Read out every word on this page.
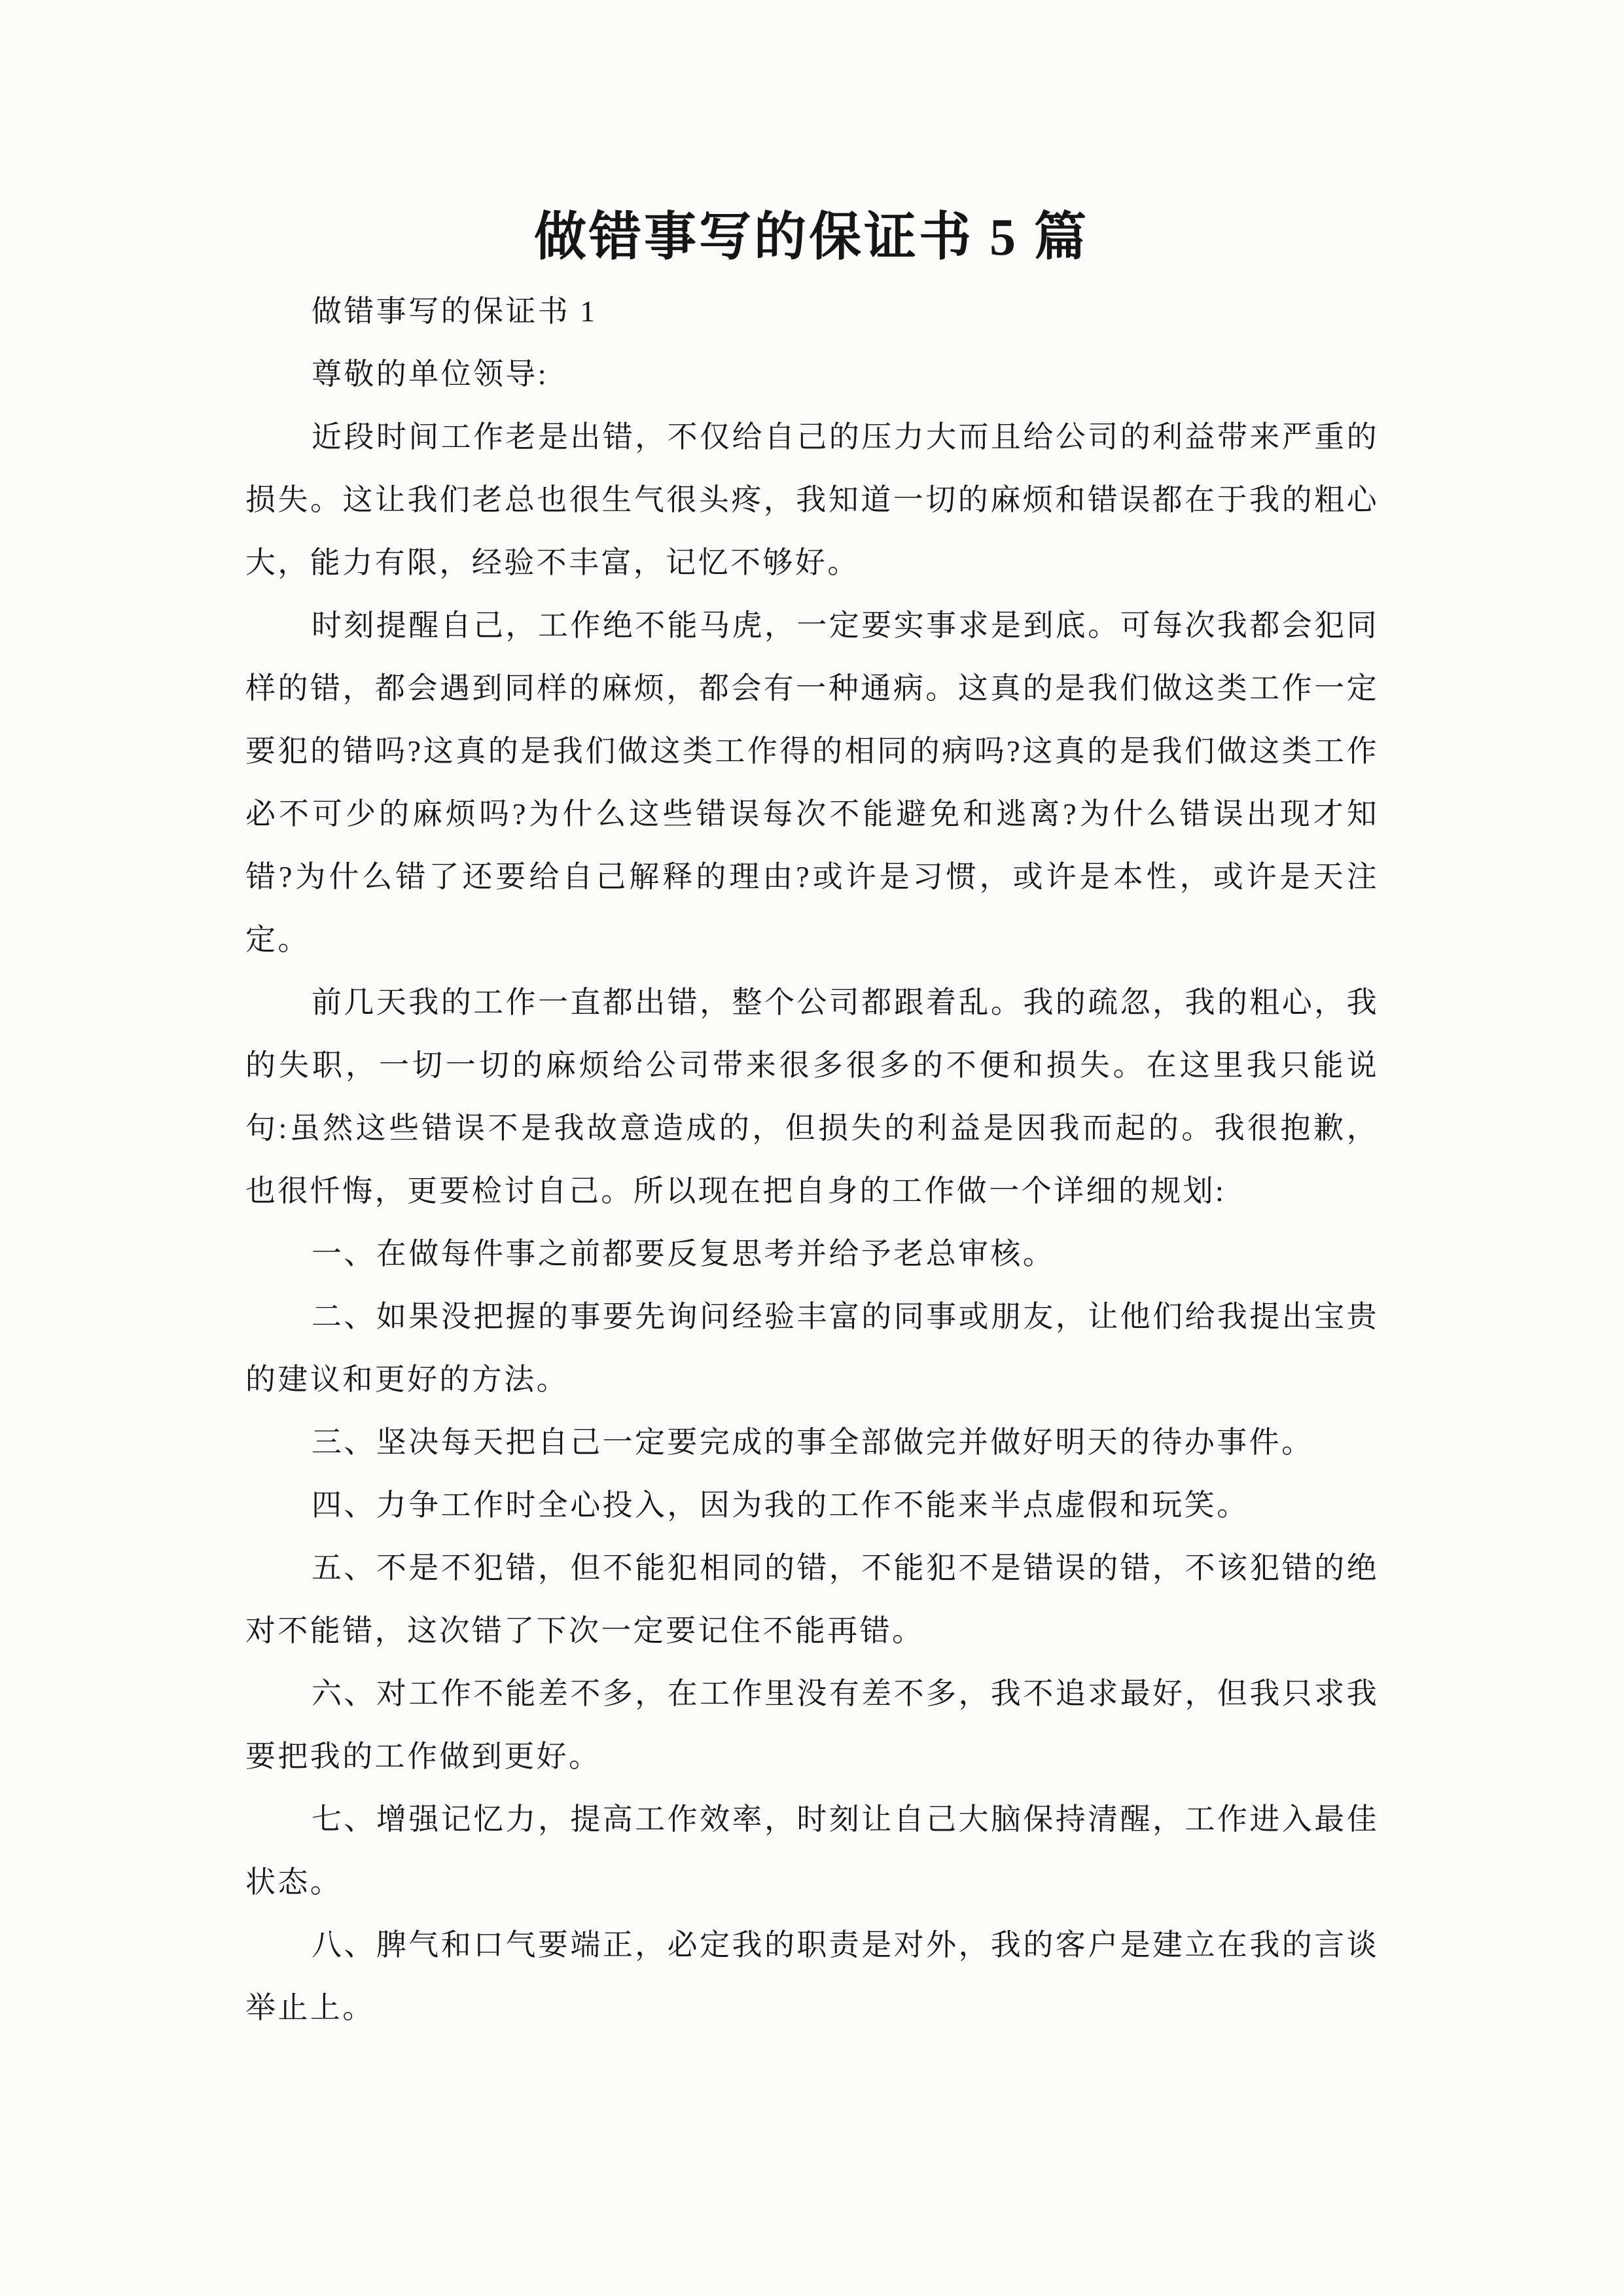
做错事写的保证书 5 篇

做错事写的保证书 1

尊敬的单位领导:

近段时间工作老是出错，不仅给自己的压力大而且给公司的利益带来严重的损失。这让我们老总也很生气很头疼，我知道一切的麻烦和错误都在于我的粗心大，能力有限，经验不丰富，记忆不够好。

时刻提醒自己，工作绝不能马虎，一定要实事求是到底。可每次我都会犯同样的错，都会遇到同样的麻烦，都会有一种通病。这真的是我们做这类工作一定要犯的错吗?这真的是我们做这类工作得的相同的病吗?这真的是我们做这类工作必不可少的麻烦吗?为什么这些错误每次不能避免和逃离?为什么错误出现才知错?为什么错了还要给自己解释的理由?或许是习惯，或许是本性，或许是天注定。

前几天我的工作一直都出错，整个公司都跟着乱。我的疏忽，我的粗心，我的失职，一切一切的麻烦给公司带来很多很多的不便和损失。在这里我只能说句:虽然这些错误不是我故意造成的，但损失的利益是因我而起的。我很抱歉，也很忏悔，更要检讨自己。所以现在把自身的工作做一个详细的规划:

一、在做每件事之前都要反复思考并给予老总审核。

二、如果没把握的事要先询问经验丰富的同事或朋友，让他们给我提出宝贵的建议和更好的方法。

三、坚决每天把自己一定要完成的事全部做完并做好明天的待办事件。

四、力争工作时全心投入，因为我的工作不能来半点虚假和玩笑。

五、不是不犯错，但不能犯相同的错，不能犯不是错误的错，不该犯错的绝对不能错，这次错了下次一定要记住不能再错。

六、对工作不能差不多，在工作里没有差不多，我不追求最好，但我只求我要把我的工作做到更好。

七、增强记忆力，提高工作效率，时刻让自己大脑保持清醒，工作进入最佳状态。

八、脾气和口气要端正，必定我的职责是对外，我的客户是建立在我的言谈举止上。
